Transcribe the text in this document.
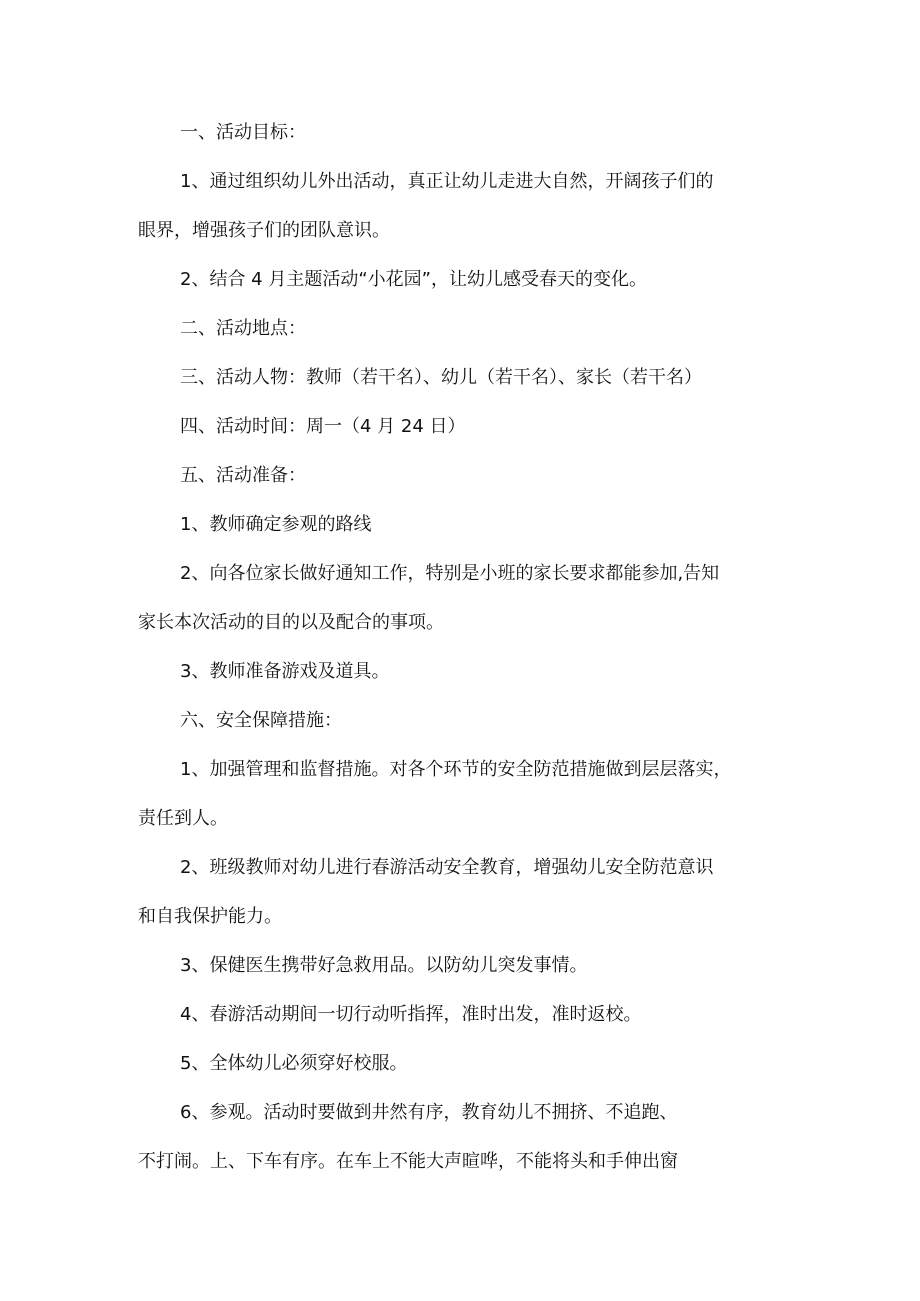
一、活动目标：
1、通过组织幼儿外出活动，真正让幼儿走进大自然，开阔孩子们的
眼界，增强孩子们的团队意识。
2、结合 4 月主题活动“小花园”，让幼儿感受春天的变化。
二、活动地点：
三、活动人物：教师（若干名）、幼儿（若干名）、家长（若干名）
四、活动时间：周一（4 月 24 日）
五、活动准备：
1、教师确定参观的路线
2、向各位家长做好通知工作，特别是小班的家长要求都能参加,告知
家长本次活动的目的以及配合的事项。
3、教师准备游戏及道具。
六、安全保障措施：
1、加强管理和监督措施。对各个环节的安全防范措施做到层层落实，
责任到人。
2、班级教师对幼儿进行春游活动安全教育，增强幼儿安全防范意识
和自我保护能力。
3、保健医生携带好急救用品。以防幼儿突发事情。
4、春游活动期间一切行动听指挥，准时出发，准时返校。
5、全体幼儿必须穿好校服。
6、参观。活动时要做到井然有序，教育幼儿不拥挤、不追跑、
不打闹。上、下车有序。在车上不能大声暄哗，不能将头和手伸出窗
